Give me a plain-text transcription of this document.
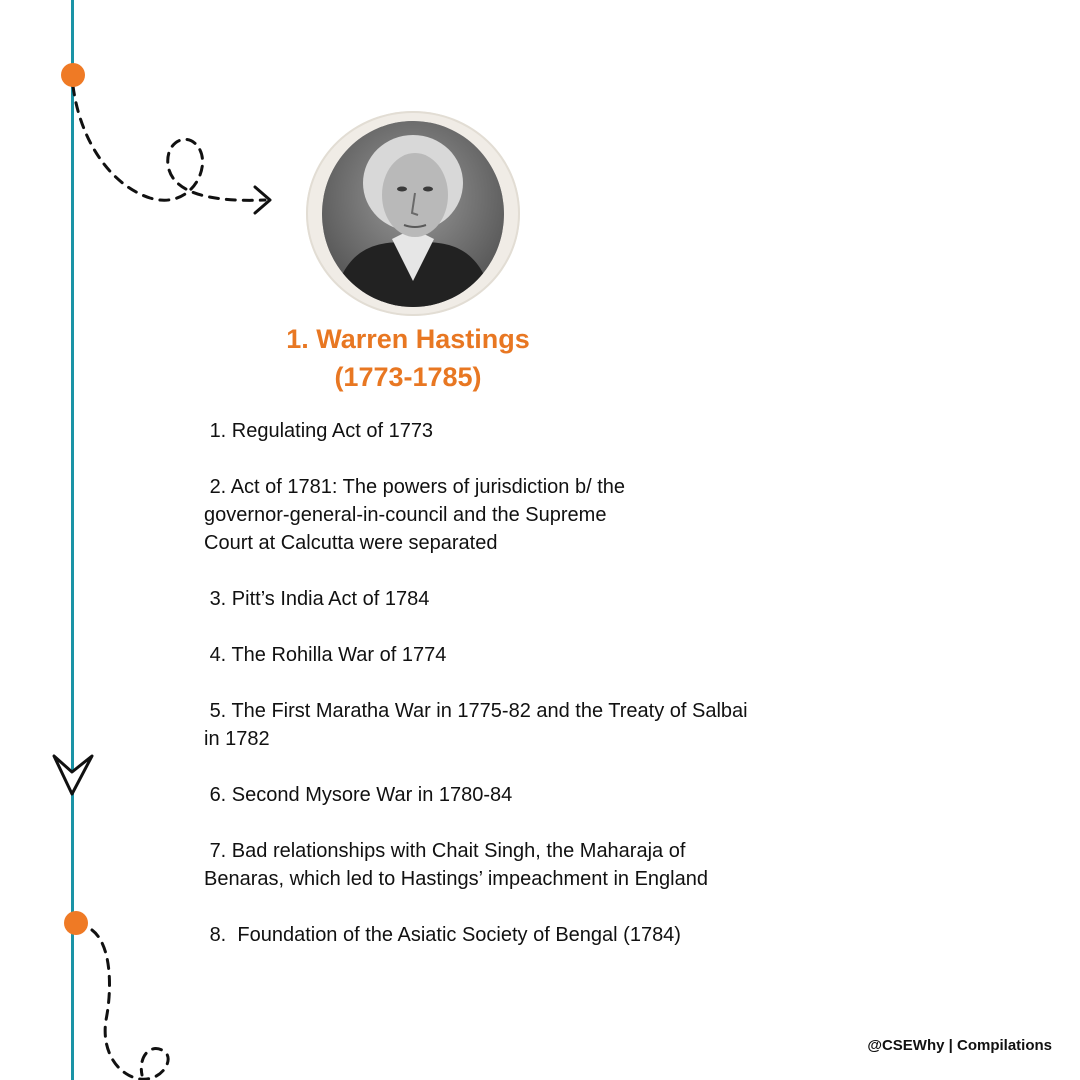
1. Warren Hastings
(1773-1785)
1. Regulating Act of 1773
2. Act of 1781: The powers of jurisdiction b/ the
governor-general-in-council and the Supreme
Court at Calcutta were separated
3. Pitt’s India Act of 1784
4. The Rohilla War of 1774
5. The First Maratha War in 1775-82 and the Treaty of Salbai
in 1782
6. Second Mysore War in 1780-84
7. Bad relationships with Chait Singh, the Maharaja of
Benaras, which led to Hastings’ impeachment in England
8.  Foundation of the Asiatic Society of Bengal (1784)
@CSEWhy | Compilations
